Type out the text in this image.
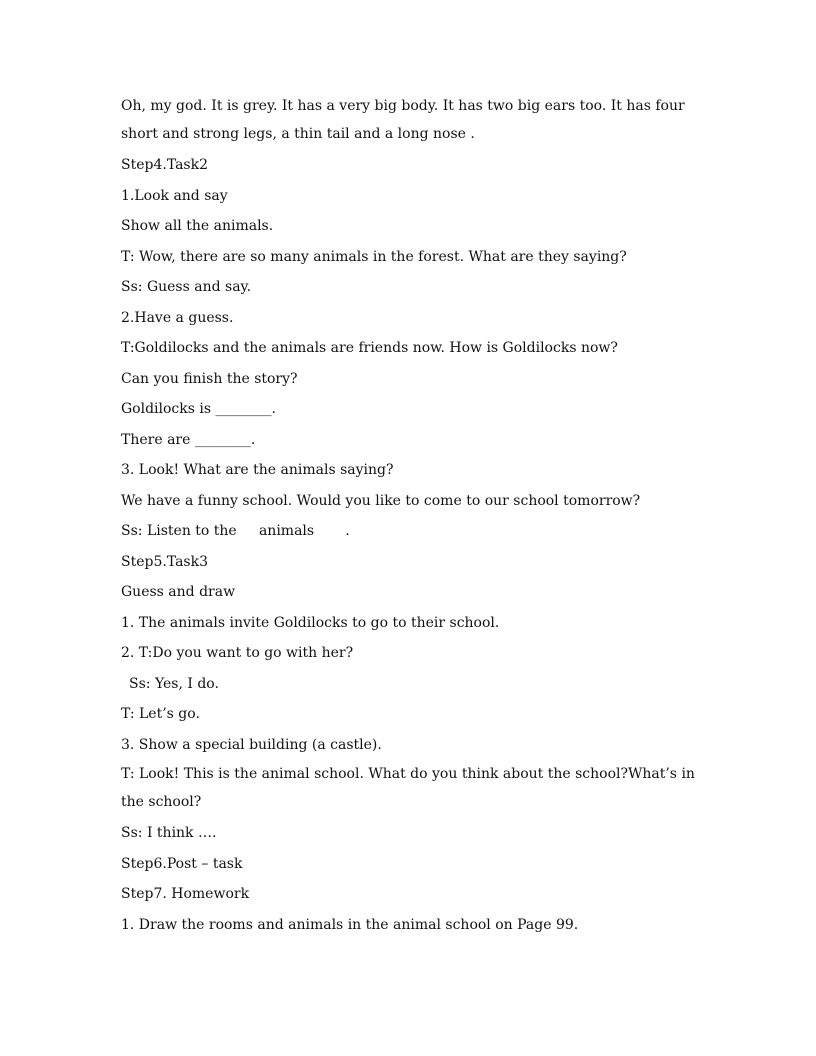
Oh, my god. It is grey. It has a very big body. It has two big ears too. It has four short and strong legs, a thin tail and a long nose .
Step4.Task2
1.Look and say
Show all the animals.
T: Wow, there are so many animals in the forest. What are they saying?
Ss: Guess and say.
2.Have a guess.
T:Goldilocks and the animals are friends now. How is Goldilocks now?
Can you finish the story?
Goldilocks is ________.
There are ________.
3. Look! What are the animals saying?
We have a funny school. Would you like to come to our school tomorrow?
Ss: Listen to the     animals       .
Step5.Task3
Guess and draw
1. The animals invite Goldilocks to go to their school.
2. T:Do you want to go with her?
Ss: Yes, I do.
T: Let’s go.
3. Show a special building (a castle).
T: Look! This is the animal school. What do you think about the school?What’s in the school?
Ss: I think ….
Step6.Post – task
Step7. Homework
1. Draw the rooms and animals in the animal school on Page 99.
